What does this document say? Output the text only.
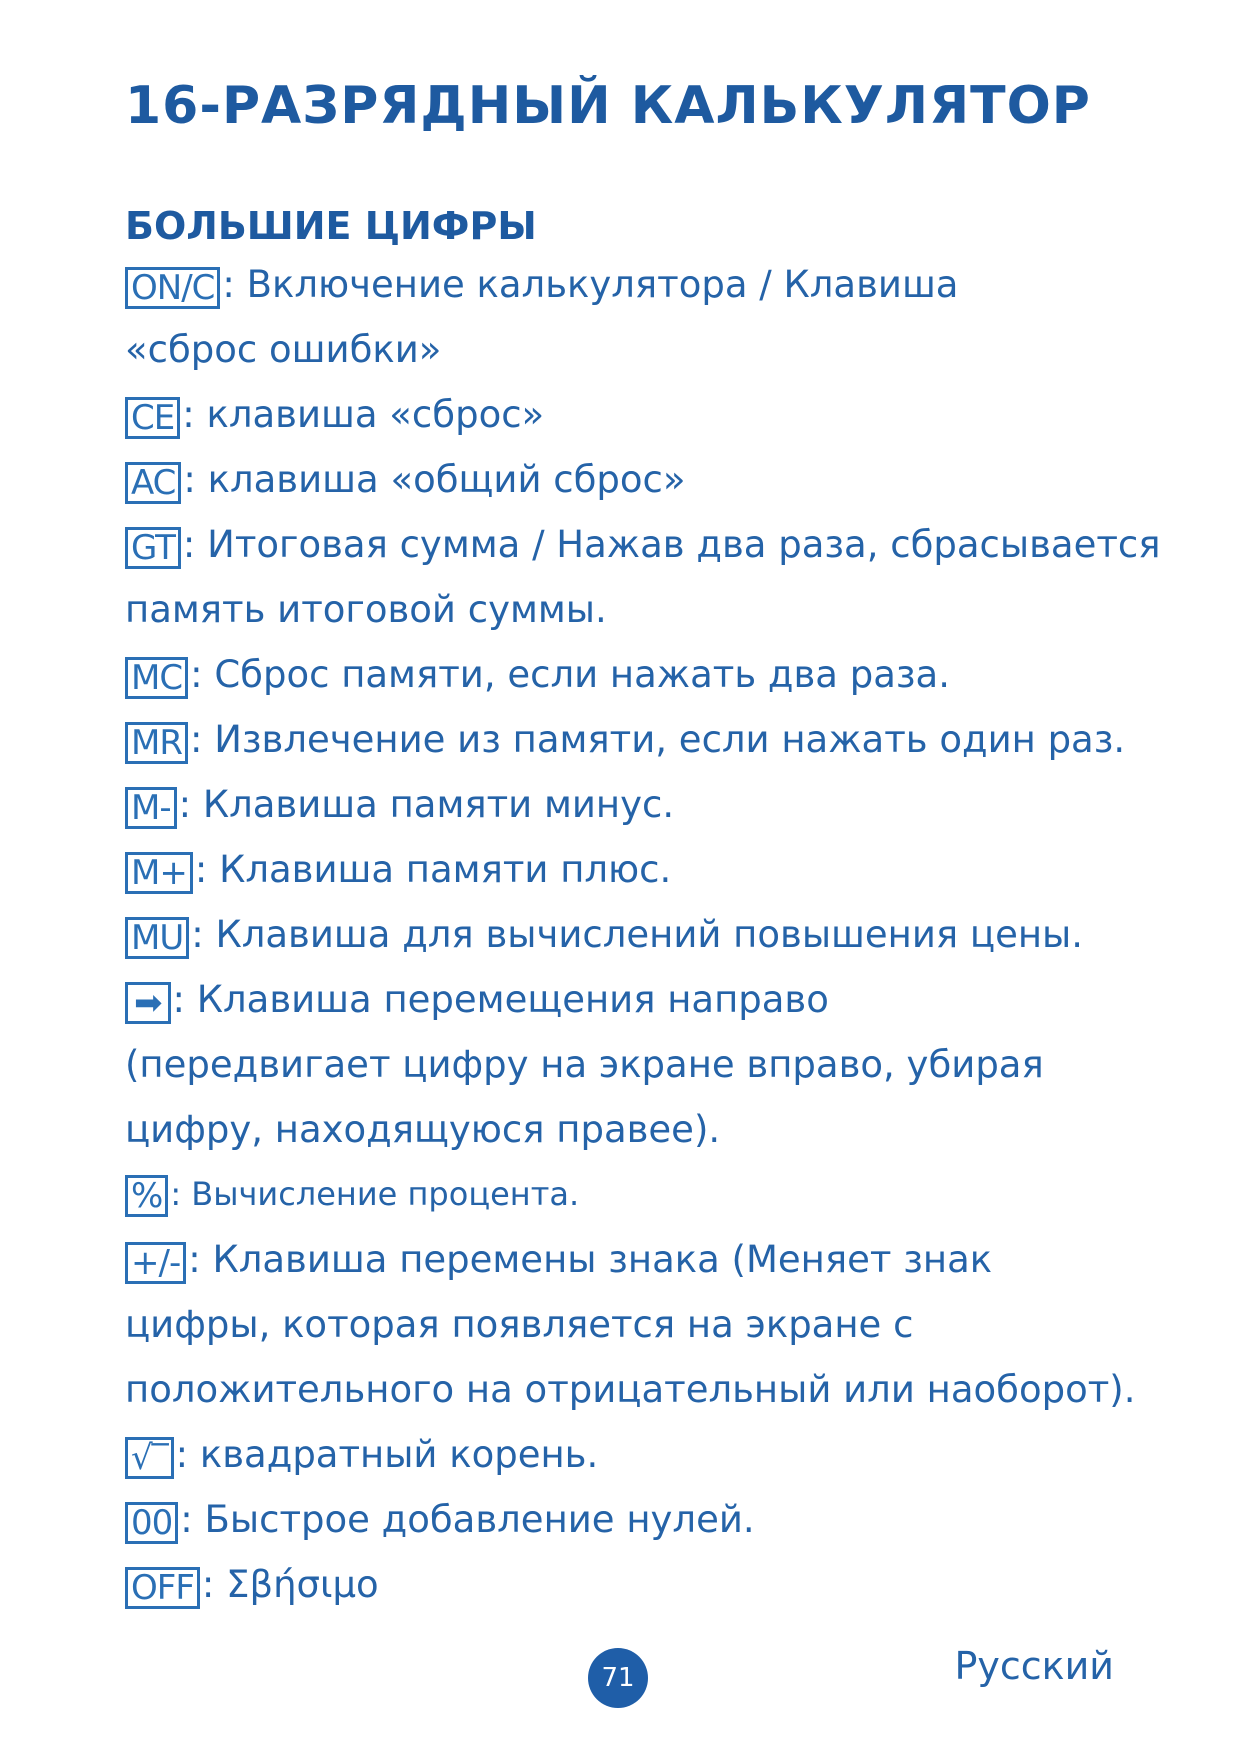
16-РАЗРЯДНЫЙ КАЛЬКУЛЯТОР
БОЛЬШИЕ ЦИФРЫ

ON/C : Включение калькулятора / Клавиша

«сброс ошибки»

CE : клавиша «сброс»

AC : клавиша «общий сброс»

GT : Итоговая сумма / Нажав два раза, сбрасывается

память итоговой суммы.

MC : Сброс памяти, если нажать два раза.

MR : Извлечение из памяти, если нажать один раз.

M- : Клавиша памяти минус.

M+ : Клавиша памяти плюс.

MU : Клавиша для вычислений повышения цены.

➡ : Клавиша перемещения направо

(передвигает цифру на экране вправо, убирая

цифру, находящуюся правее).

% : Вычисление процента.

+/- : Клавиша перемены знака (Меняет знак

цифры, которая появляется на экране с

положительного на отрицательный или наоборот).

√‾ : квадратный корень.

00 : Быстрое добавление нулей.

OFF : Σβήσιμο

71	Русский
